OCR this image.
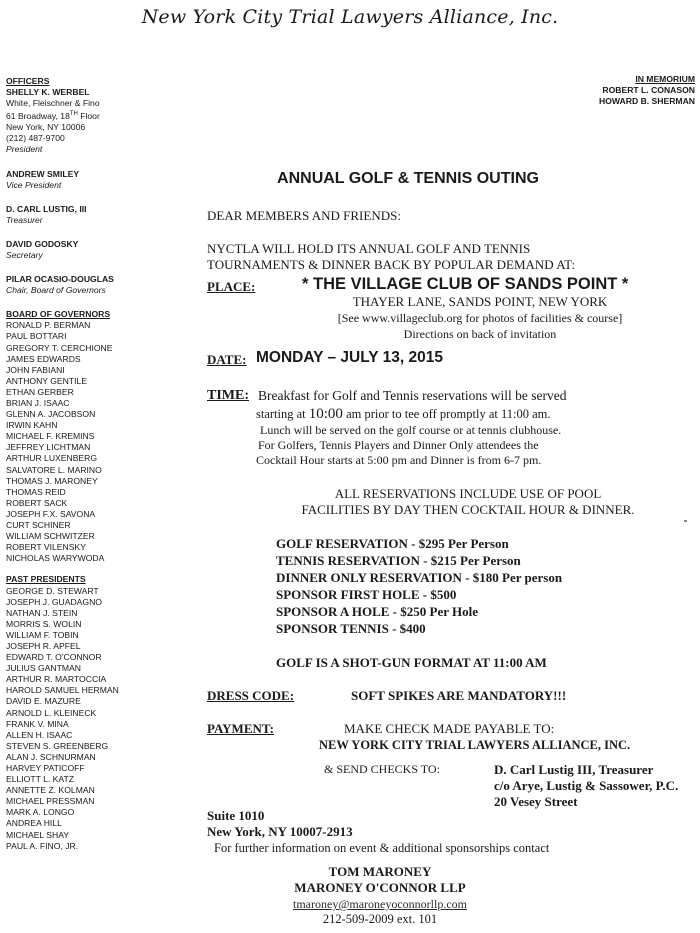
New York City Trial Lawyers Alliance, Inc.
OFFICERS
SHELLY K. WERBEL
White, Fleischner & Fino
61 Broadway, 18TH Floor
New York, NY 10006
(212) 487-9700
President
ANDREW SMILEY
Vice President
D. CARL LUSTIG, III
Treasurer
DAVID GODOSKY
Secretary
PILAR OCASIO-DOUGLAS
Chair, Board of Governors
BOARD OF GOVERNORS
RONALD P. BERMAN
PAUL BOTTARI
GREGORY T. CERCHIONE
JAMES EDWARDS
JOHN FABIANI
ANTHONY GENTILE
ETHAN GERBER
BRIAN J. ISAAC
GLENN A. JACOBSON
IRWIN KAHN
MICHAEL F. KREMINS
JEFFREY LICHTMAN
ARTHUR LUXENBERG
SALVATORE L. MARINO
THOMAS J. MARONEY
THOMAS REID
ROBERT SACK
JOSEPH F.X. SAVONA
CURT SCHINER
WILLIAM SCHWITZER
ROBERT VILENSKY
NICHOLAS WARYWODA
PAST PRESIDENTS
GEORGE D. STEWART
JOSEPH J. GUADAGNO
NATHAN J. STEIN
MORRIS S. WOLIN
WILLIAM F. TOBIN
JOSEPH R. APFEL
EDWARD T. O'CONNOR
JULIUS GANTMAN
ARTHUR R. MARTOCCIA
HAROLD SAMUEL HERMAN
DAVID E. MAZURE
ARNOLD L. KLEINECK
FRANK V. MINA
ALLEN H. ISAAC
STEVEN S. GREENBERG
ALAN J. SCHNURMAN
HARVEY PATICOFF
ELLIOTT L. KATZ
ANNETTE Z. KOLMAN
MICHAEL PRESSMAN
MARK A. LONGO
ANDREA HILL
MICHAEL SHAY
PAUL A. FINO, JR.
IN MEMORIUM
ROBERT L. CONASON
HOWARD B. SHERMAN
ANNUAL GOLF & TENNIS OUTING
DEAR MEMBERS AND FRIENDS:
NYCTLA WILL HOLD ITS ANNUAL GOLF AND TENNIS
TOURNAMENTS & DINNER BACK BY POPULAR DEMAND AT:
PLACE:	* THE VILLAGE CLUB OF SANDS POINT *
THAYER LANE, SANDS POINT, NEW YORK
[See www.villageclub.org for photos of facilities & course]
Directions on back of invitation
DATE: MONDAY – JULY 13, 2015
TIME: Breakfast for Golf and Tennis reservations will be served
starting at 10:00 am prior to tee off promptly at 11:00 am.
Lunch will be served on the golf course or at tennis clubhouse.
For Golfers, Tennis Players and Dinner Only attendees the
Cocktail Hour starts at 5:00 pm and Dinner is from 6-7 pm.
ALL RESERVATIONS INCLUDE USE OF POOL
FACILITIES BY DAY THEN COCKTAIL HOUR & DINNER.
GOLF RESERVATION - $295 Per Person
TENNIS RESERVATION - $215 Per Person
DINNER ONLY RESERVATION - $180 Per person
SPONSOR FIRST HOLE - $500
SPONSOR A HOLE - $250 Per Hole
SPONSOR TENNIS - $400
GOLF IS A SHOT-GUN FORMAT AT 11:00 AM
DRESS CODE:	SOFT SPIKES ARE MANDATORY!!!
PAYMENT:	MAKE CHECK MADE PAYABLE TO:
NEW YORK CITY TRIAL LAWYERS ALLIANCE, INC.
& SEND CHECKS TO:	D. Carl Lustig III, Treasurer
c/o Arye, Lustig & Sassower, P.C.
20 Vesey Street
Suite 1010
New York, NY 10007-2913
For further information on event & additional sponsorships contact
TOM MARONEY
MARONEY O'CONNOR LLP
tmaroney@maroneyoconnorllp.com
212-509-2009 ext. 101
